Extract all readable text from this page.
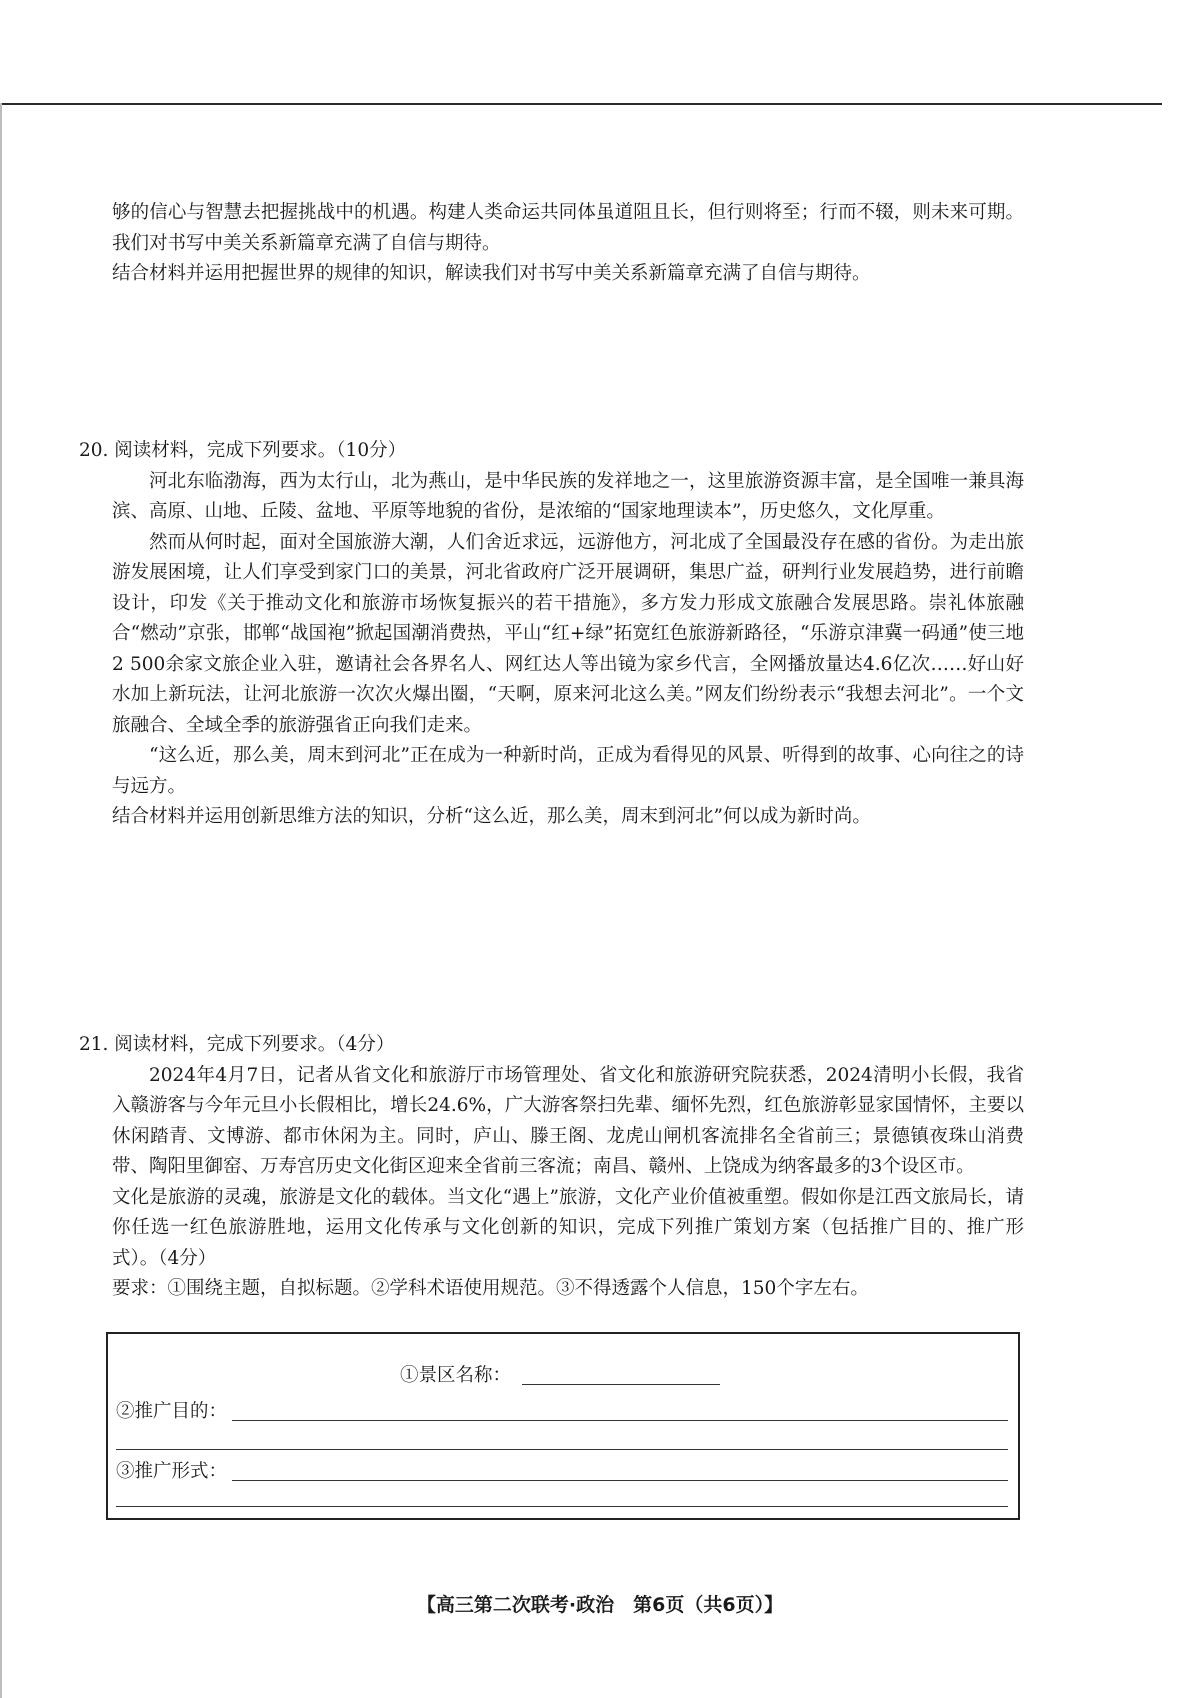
够的信心与智慧去把握挑战中的机遇。构建人类命运共同体虽道阻且长，但行则将至；行而不辍，则未来可期。我们对书写中美关系新篇章充满了自信与期待。

结合材料并运用把握世界的规律的知识，解读我们对书写中美关系新篇章充满了自信与期待。

20. 阅读材料，完成下列要求。（10分）

河北东临渤海，西为太行山，北为燕山，是中华民族的发祥地之一，这里旅游资源丰富，是全国唯一兼具海滨、高原、山地、丘陵、盆地、平原等地貌的省份，是浓缩的“国家地理读本”，历史悠久，文化厚重。

然而从何时起，面对全国旅游大潮，人们舍近求远，远游他方，河北成了全国最没存在感的省份。为走出旅游发展困境，让人们享受到家门口的美景，河北省政府广泛开展调研，集思广益，研判行业发展趋势，进行前瞻设计，印发《关于推动文化和旅游市场恢复振兴的若干措施》，多方发力形成文旅融合发展思路。崇礼体旅融合“燃动”京张，邯郸“战国袍”掀起国潮消费热，平山“红+绿”拓宽红色旅游新路径，“乐游京津冀一码通”使三地2 500余家文旅企业入驻，邀请社会各界名人、网红达人等出镜为家乡代言，全网播放量达4.6亿次……好山好水加上新玩法，让河北旅游一次次火爆出圈，“天啊，原来河北这么美。”网友们纷纷表示“我想去河北”。一个文旅融合、全域全季的旅游强省正向我们走来。

“这么近，那么美，周末到河北”正在成为一种新时尚，正成为看得见的风景、听得到的故事、心向往之的诗与远方。

结合材料并运用创新思维方法的知识，分析“这么近，那么美，周末到河北”何以成为新时尚。

21. 阅读材料，完成下列要求。（4分）

2024年4月7日，记者从省文化和旅游厅市场管理处、省文化和旅游研究院获悉，2024清明小长假，我省入赣游客与今年元旦小长假相比，增长24.6%，广大游客祭扫先辈、缅怀先烈，红色旅游彰显家国情怀，主要以休闲踏青、文博游、都市休闲为主。同时，庐山、滕王阁、龙虎山闸机客流排名全省前三；景德镇夜珠山消费带、陶阳里御窑、万寿宫历史文化街区迎来全省前三客流；南昌、赣州、上饶成为纳客最多的3个设区市。

文化是旅游的灵魂，旅游是文化的载体。当文化“遇上”旅游，文化产业价值被重塑。假如你是江西文旅局长，请你任选一红色旅游胜地，运用文化传承与文化创新的知识，完成下列推广策划方案（包括推广目的、推广形式）。（4分）

要求：①围绕主题，自拟标题。②学科术语使用规范。③不得透露个人信息，150个字左右。

①景区名称：
②推广目的：
③推广形式：
【高三第二次联考·政治　第6页（共6页）】
